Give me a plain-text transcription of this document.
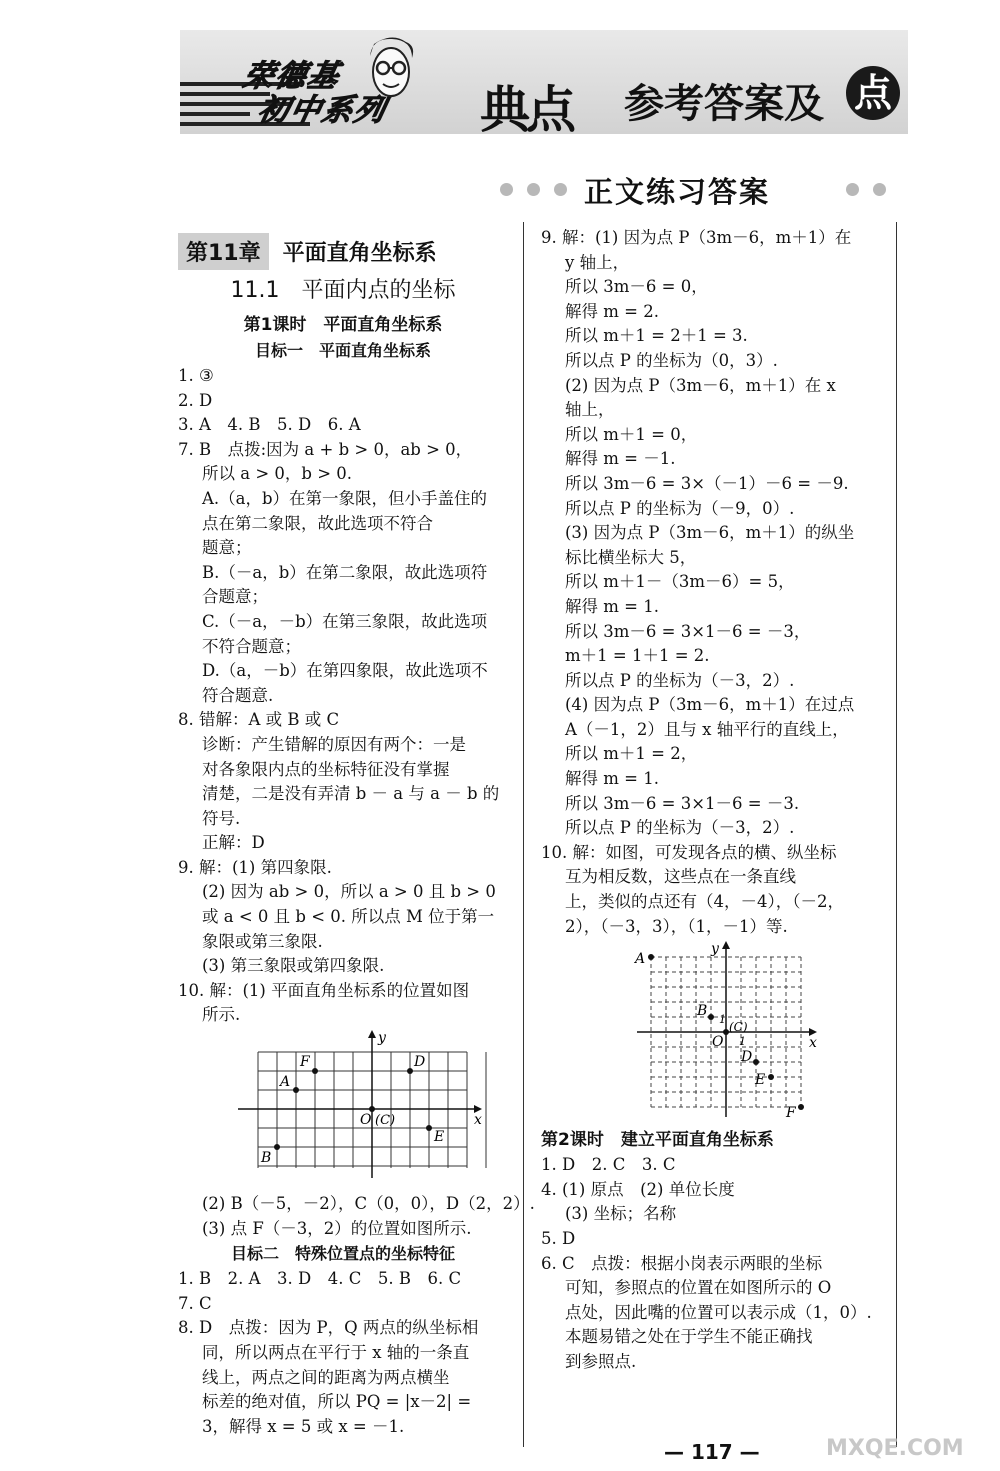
荣德基
初中系列 典点 参考答案及 点
正文练习答案
第11章	平面直角坐标系
11.1　平面内点的坐标
第1课时　平面直角坐标系
目标一　平面直角坐标系
1. ③
2. D
3. A　4. B　5. D　6. A
7. B　点拨:因为 a + b > 0，ab > 0，
所以 a > 0，b > 0.
A.（a，b）在第一象限，但小手盖住的
点在第二象限，故此选项不符合
题意；
B.（－a，b）在第二象限，故此选项符
合题意；
C.（－a，－b）在第三象限，故此选项
不符合题意；
D.（a，－b）在第四象限，故此选项不
符合题意.
8. 错解：A 或 B 或 C
诊断：产生错解的原因有两个：一是
对各象限内点的坐标特征没有掌握
清楚，二是没有弄清 b － a 与 a － b 的
符号.
正解：D
9. 解：(1) 第四象限.
(2) 因为 ab > 0，所以 a > 0 且 b > 0
或 a < 0 且 b < 0. 所以点 M 位于第一
象限或第三象限.
(3) 第三象限或第四象限.
10. 解：(1) 平面直角坐标系的位置如图
所示.
y
x
F	D
A
O (C)
E
B
(2) B（－5，－2），C（0，0），D（2，2）.
(3) 点 F（－3，2）的位置如图所示.
目标二　特殊位置点的坐标特征
1. B　2. A　3. D　4. C　5. B　6. C
7. C
8. D　点拨：因为 P，Q 两点的纵坐标相
同，所以两点在平行于 x 轴的一条直
线上，两点之间的距离为两点横坐
标差的绝对值，所以 PQ = |x－2| =
3，解得 x = 5 或 x = －1.
9. 解：(1) 因为点 P（3m－6，m＋1）在
y 轴上，
所以 3m－6 = 0，
解得 m = 2.
所以 m＋1 = 2＋1 = 3.
所以点 P 的坐标为（0，3）.
(2) 因为点 P（3m－6，m＋1）在 x
轴上，
所以 m＋1 = 0，
解得 m = －1.
所以 3m－6 = 3×（－1）－6 = －9.
所以点 P 的坐标为（－9，0）.
(3) 因为点 P（3m－6，m＋1）的纵坐
标比横坐标大 5，
所以 m＋1－（3m－6）= 5，
解得 m = 1.
所以 3m－6 = 3×1－6 = －3，
m＋1 = 1＋1 = 2.
所以点 P 的坐标为（－3，2）.
(4) 因为点 P（3m－6，m＋1）在过点
A（－1，2）且与 x 轴平行的直线上，
所以 m＋1 = 2，
解得 m = 1.
所以 3m－6 = 3×1－6 = －3.
所以点 P 的坐标为（－3，2）.
10. 解：如图，可发现各点的横、纵坐标
互为相反数，这些点在一条直线
上，类似的点还有（4，－4），（－2，
2），（－3，3），（1，－1）等.
y
A
B
1
(C)
O 1	x
D
E
F
第2课时　建立平面直角坐标系
1. D　2. C　3. C
4. (1) 原点　(2) 单位长度
(3) 坐标；名称
5. D
6. C　点拨：根据小岗表示两眼的坐标
可知，参照点的位置在如图所示的 O
点处，因此嘴的位置可以表示成（1，0）.
本题易错之处在于学生不能正确找
到参照点.
— 117 —	MXQE.COM
